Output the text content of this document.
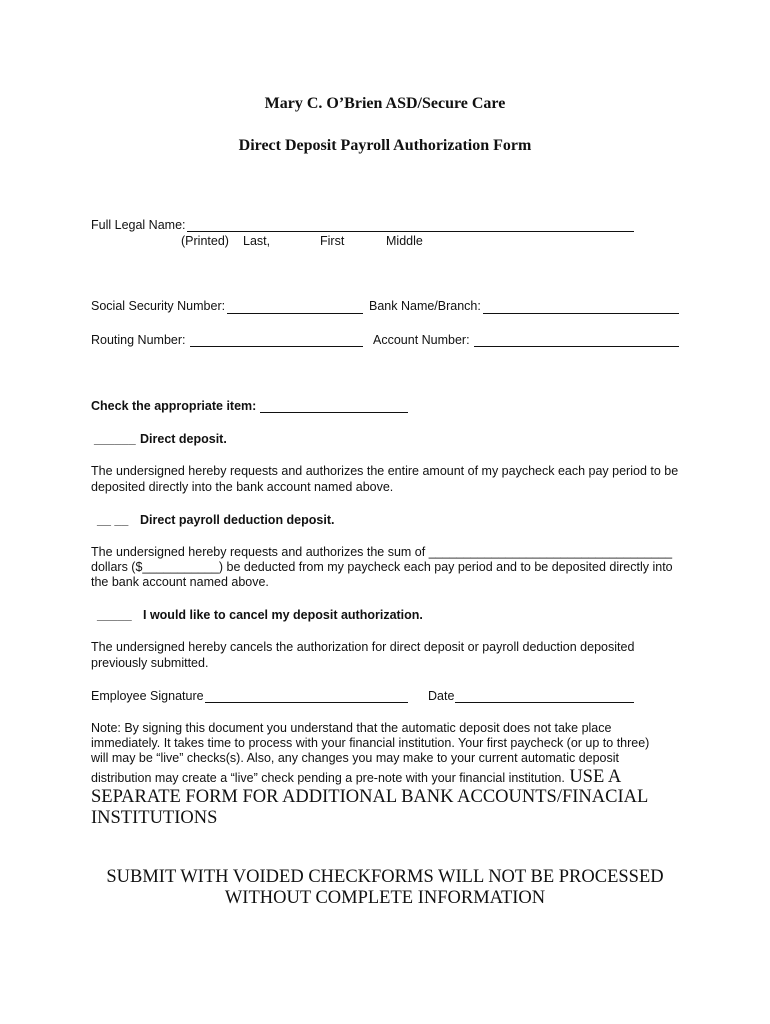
Mary C. O’Brien ASD/Secure Care
Direct Deposit Payroll Authorization Form
Full Legal Name:
(Printed) Last,	First	Middle
Social Security Number:	Bank Name/Branch:
Routing Number:	Account Number:
Check the appropriate item:
______ Direct deposit.
The undersigned hereby requests and authorizes the entire amount of my paycheck each pay period to be deposited directly into the bank account named above.
__ __ Direct payroll deduction deposit.
The undersigned hereby requests and authorizes the sum of ___________________________________
dollars ($___________) be deducted from my paycheck each pay period and to be deposited directly into
the bank account named above.
_____ I would like to cancel my deposit authorization.
The undersigned hereby cancels the authorization for direct deposit or payroll deduction deposited previously submitted.
Employee Signature	Date
Note: By signing this document you understand that the automatic deposit does not take place
immediately. It takes time to process with your financial institution. Your first paycheck (or up to three)
will may be “live” checks(s). Also, any changes you may make to your current automatic deposit
distribution may create a “live” check pending a pre-note with your financial institution. USE A
SEPARATE FORM FOR ADDITIONAL BANK ACCOUNTS/FINACIAL
INSTITUTIONS
SUBMIT WITH VOIDED CHECKFORMS WILL NOT BE PROCESSED
WITHOUT COMPLETE INFORMATION
